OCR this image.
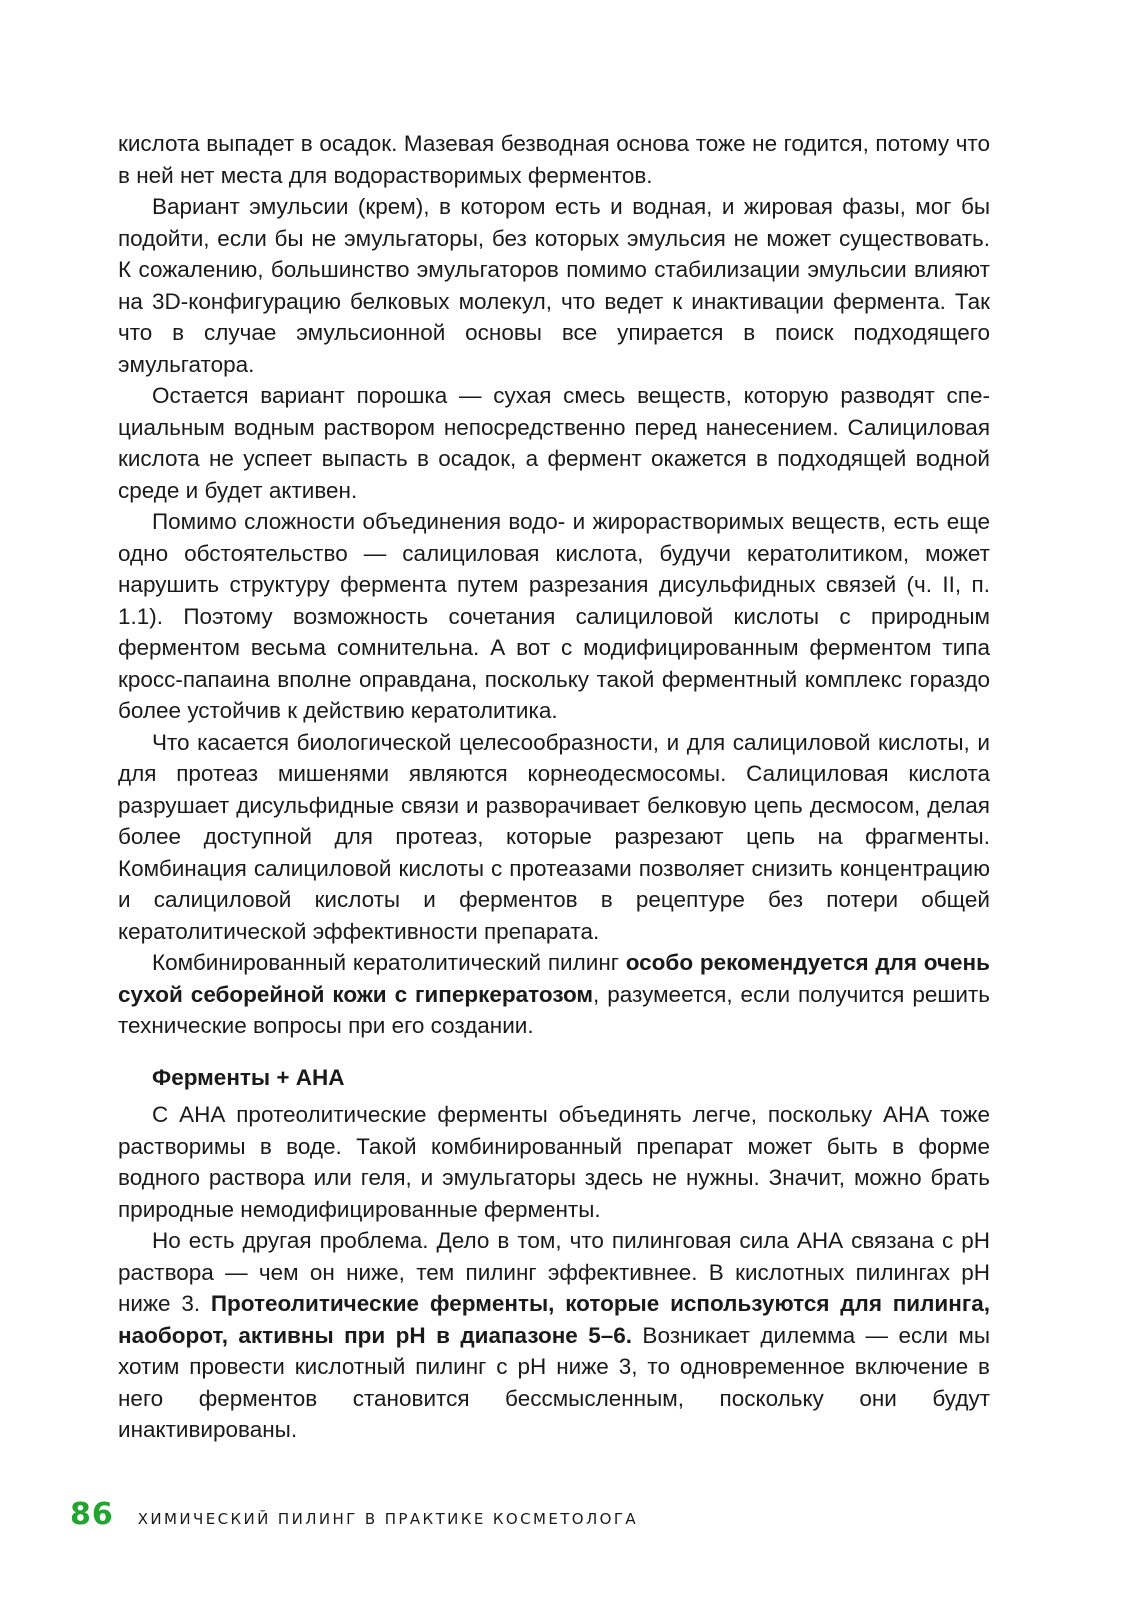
кислота выпадет в осадок. Мазевая безводная основа тоже не годится, потому что в ней нет места для водорастворимых ферментов.

Вариант эмульсии (крем), в котором есть и водная, и жировая фазы, мог бы подойти, если бы не эмульгаторы, без которых эмульсия не может существовать. К сожалению, большинство эмульгаторов помимо стабилизации эмульсии влияют на 3D-конфигурацию белковых молекул, что ведет к инактивации фермента. Так что в случае эмульсионной основы все упирается в поиск подходящего эмульгатора.

Остается вариант порошка — сухая смесь веществ, которую разводят специальным водным раствором непосредственно перед нанесением. Салициловая кислота не успеет выпасть в осадок, а фермент окажется в подходящей водной среде и будет активен.

Помимо сложности объединения водо- и жирорастворимых веществ, есть еще одно обстоятельство — салициловая кислота, будучи кератолитиком, может нарушить структуру фермента путем разрезания дисульфидных связей (ч. II, п. 1.1). Поэтому возможность сочетания салициловой кислоты с природным ферментом весьма сомнительна. А вот с модифицированным ферментом типа кросс-папаина вполне оправдана, поскольку такой ферментный комплекс гораздо более устойчив к действию кератолитика.

Что касается биологической целесообразности, и для салициловой кислоты, и для протеаз мишенями являются корнеодесмосомы. Салициловая кислота разрушает дисульфидные связи и разворачивает белковую цепь десмосом, делая более доступной для протеаз, которые разрезают цепь на фрагменты. Комбинация салициловой кислоты с протеазами позволяет снизить концентрацию и салициловой кислоты и ферментов в рецептуре без потери общей кератолитической эффективности препарата.

Комбинированный кератолитический пилинг особо рекомендуется для очень сухой себорейной кожи с гиперкератозом, разумеется, если получится решить технические вопросы при его создании.

Ферменты + АНА

С АНА протеолитические ферменты объединять легче, поскольку АНА тоже растворимы в воде. Такой комбинированный препарат может быть в форме водного раствора или геля, и эмульгаторы здесь не нужны. Значит, можно брать природные немодифицированные ферменты.

Но есть другая проблема. Дело в том, что пилинговая сила АНА связана с pH раствора — чем он ниже, тем пилинг эффективнее. В кислотных пилингах pH ниже 3. Протеолитические ферменты, которые используются для пилинга, наоборот, активны при pH в диапазоне 5–6. Возникает дилемма — если мы хотим провести кислотный пилинг с pH ниже 3, то одновременное включение в него ферментов становится бессмысленным, поскольку они будут инактивированы.

86 ХИМИЧЕСКИЙ ПИЛИНГ В ПРАКТИКЕ КОСМЕТОЛОГА
